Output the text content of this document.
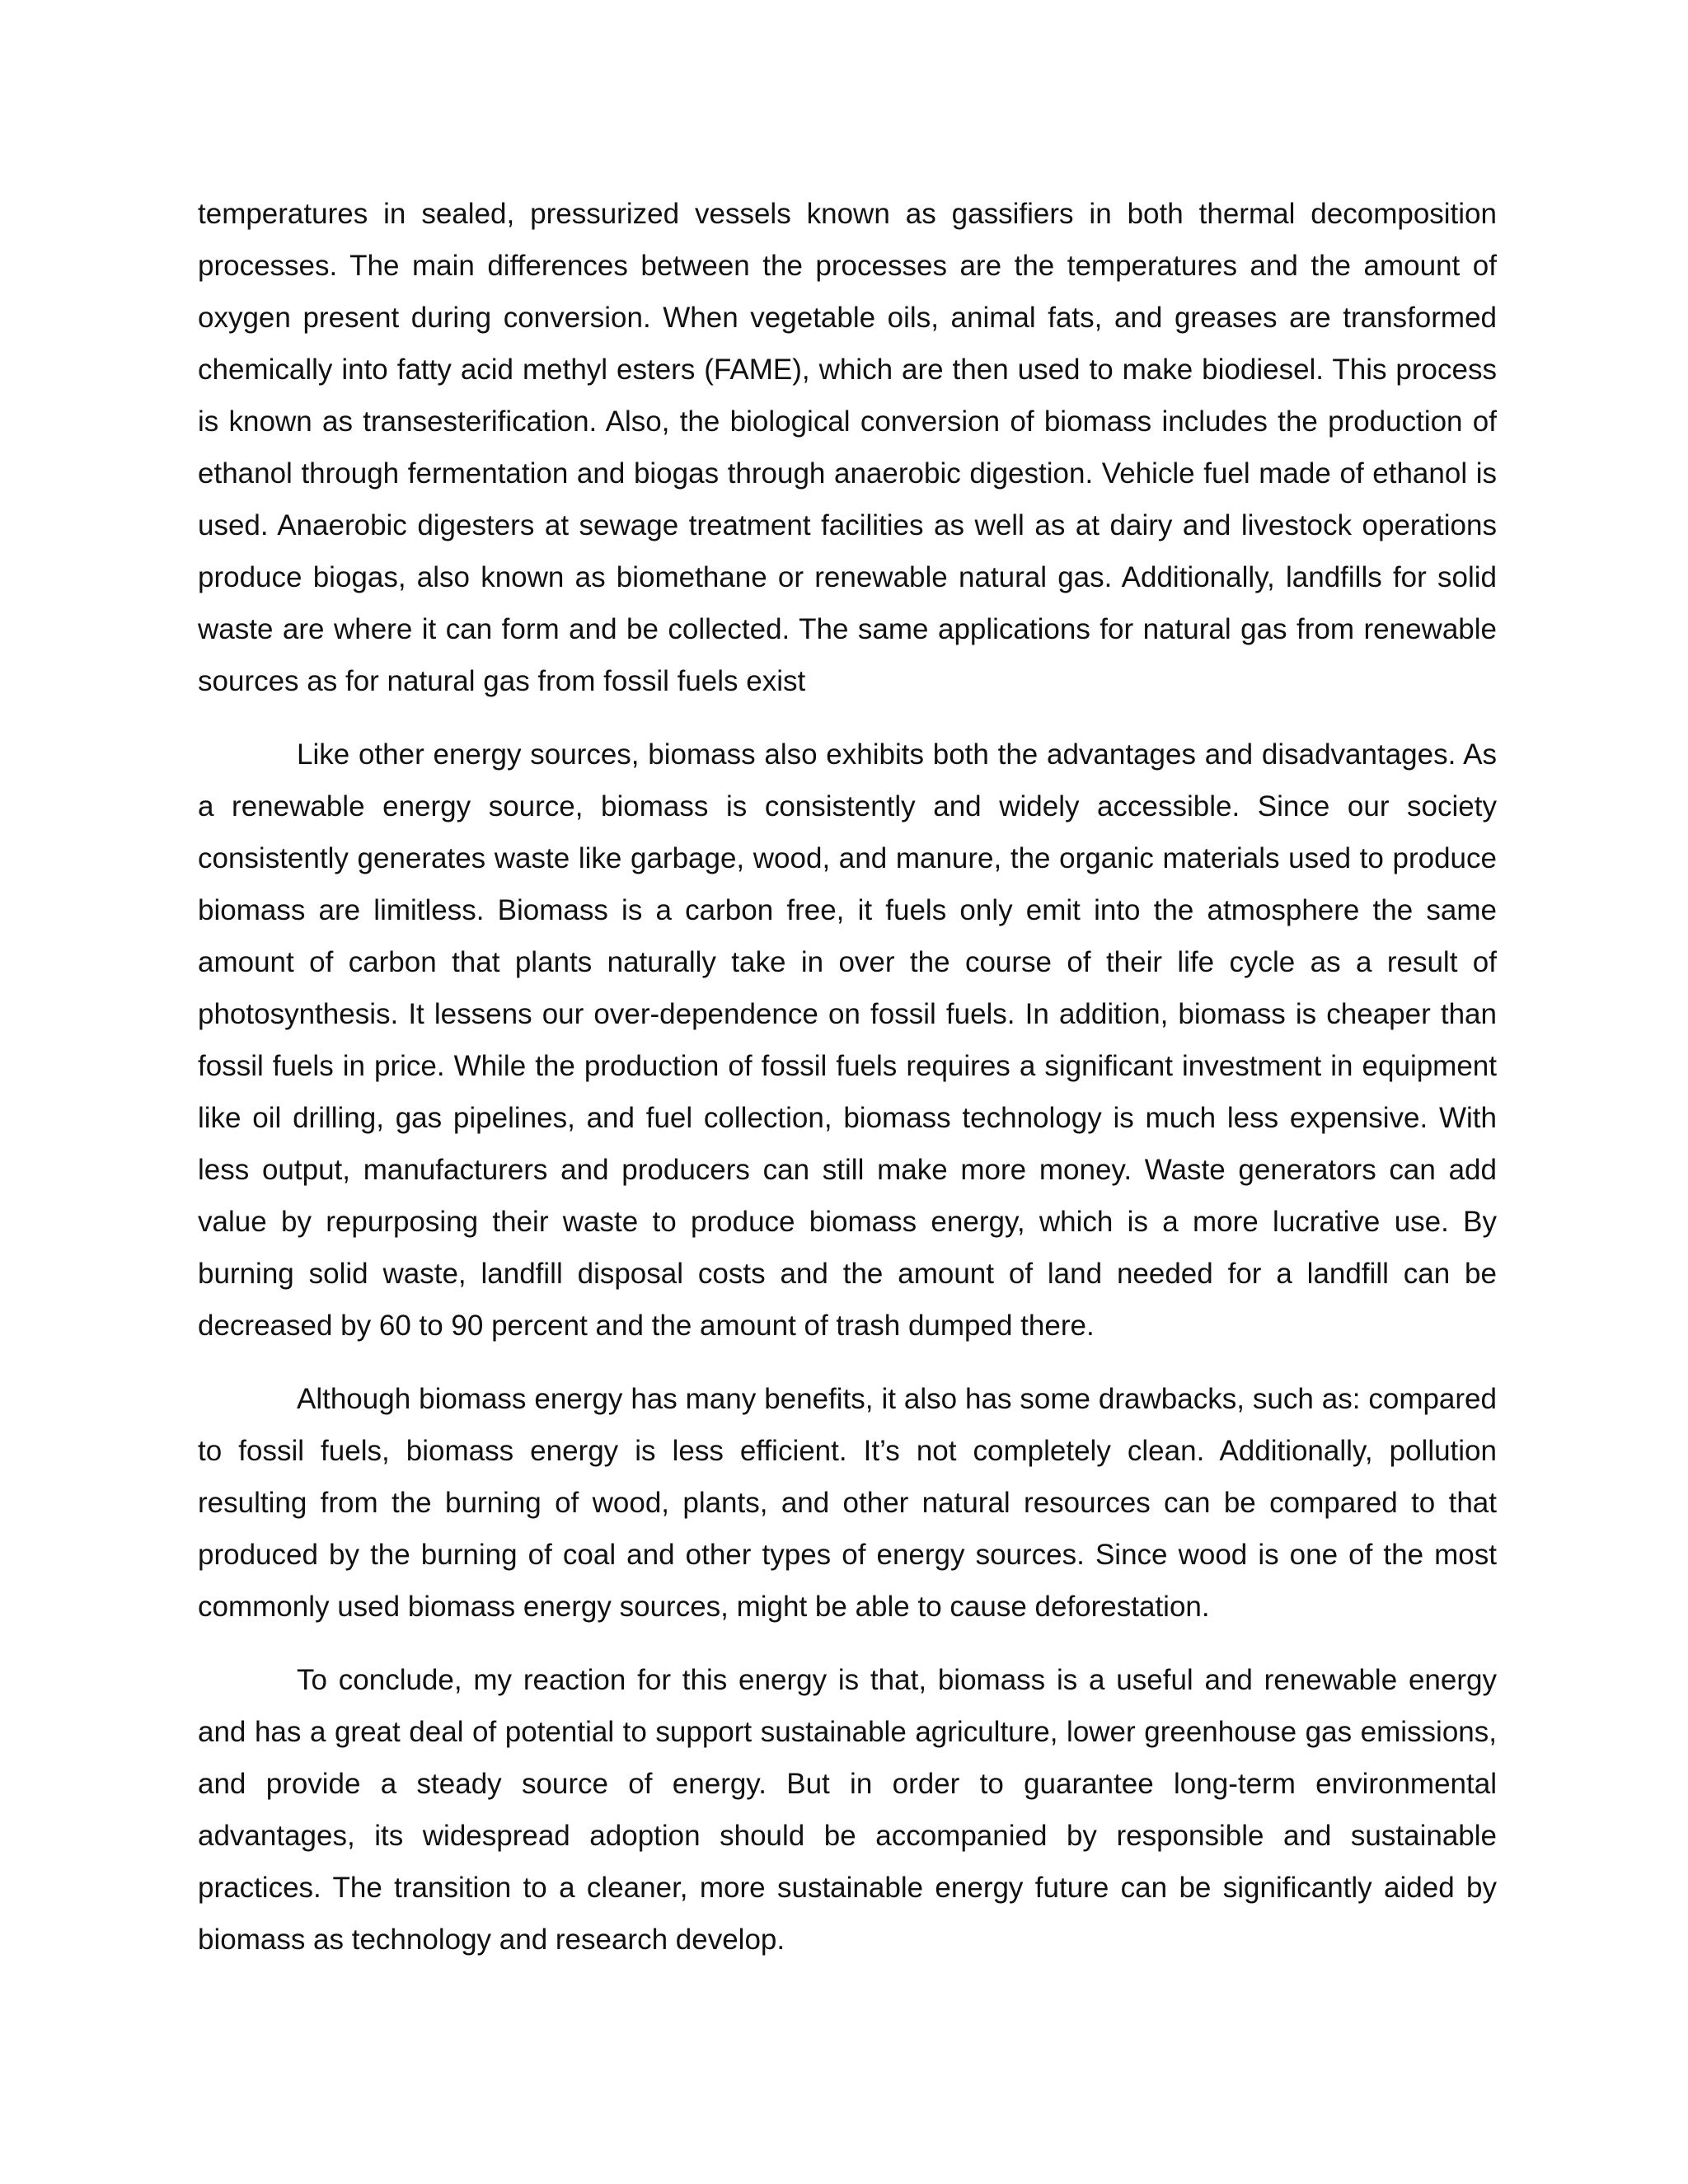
temperatures in sealed, pressurized vessels known as gassifiers in both thermal decomposition processes. The main differences between the processes are the temperatures and the amount of oxygen present during conversion. When vegetable oils, animal fats, and greases are transformed chemically into fatty acid methyl esters (FAME), which are then used to make biodiesel. This process is known as transesterification. Also, the biological conversion of biomass includes the production of ethanol through fermentation and biogas through anaerobic digestion. Vehicle fuel made of ethanol is used. Anaerobic digesters at sewage treatment facilities as well as at dairy and livestock operations produce biogas, also known as biomethane or renewable natural gas. Additionally, landfills for solid waste are where it can form and be collected. The same applications for natural gas from renewable sources as for natural gas from fossil fuels exist

Like other energy sources, biomass also exhibits both the advantages and disadvantages. As a renewable energy source, biomass is consistently and widely accessible. Since our society consistently generates waste like garbage, wood, and manure, the organic materials used to produce biomass are limitless. Biomass is a carbon free, it fuels only emit into the atmosphere the same amount of carbon that plants naturally take in over the course of their life cycle as a result of photosynthesis. It lessens our over-dependence on fossil fuels. In addition, biomass is cheaper than fossil fuels in price. While the production of fossil fuels requires a significant investment in equipment like oil drilling, gas pipelines, and fuel collection, biomass technology is much less expensive. With less output, manufacturers and producers can still make more money. Waste generators can add value by repurposing their waste to produce biomass energy, which is a more lucrative use. By burning solid waste, landfill disposal costs and the amount of land needed for a landfill can be decreased by 60 to 90 percent and the amount of trash dumped there.

Although biomass energy has many benefits, it also has some drawbacks, such as: compared to fossil fuels, biomass energy is less efficient. It’s not completely clean. Additionally, pollution resulting from the burning of wood, plants, and other natural resources can be compared to that produced by the burning of coal and other types of energy sources. Since wood is one of the most commonly used biomass energy sources, might be able to cause deforestation.

To conclude, my reaction for this energy is that, biomass is a useful and renewable energy and has a great deal of potential to support sustainable agriculture, lower greenhouse gas emissions, and provide a steady source of energy. But in order to guarantee long-term environmental advantages, its widespread adoption should be accompanied by responsible and sustainable practices. The transition to a cleaner, more sustainable energy future can be significantly aided by biomass as technology and research develop.
